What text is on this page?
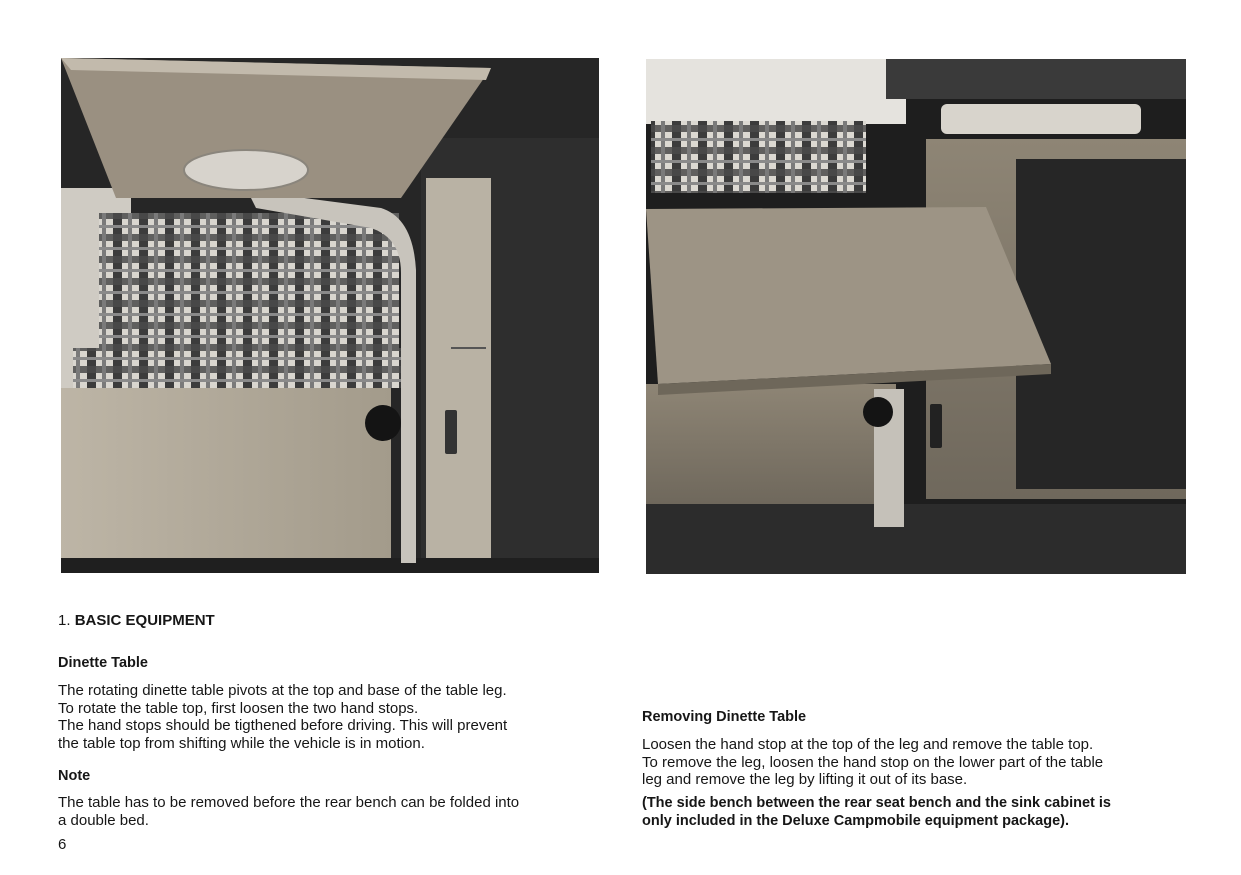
1. BASIC EQUIPMENT
Dinette Table
The rotating dinette table pivots at the top and base of the table leg.
To rotate the table top, first loosen the two hand stops.
The hand stops should be tigthened before driving. This will prevent
the table top from shifting while the vehicle is in motion.
Note
The table has to be removed before the rear bench can be folded into
a double bed.
6
Removing Dinette Table
Loosen the hand stop at the top of the leg and remove the table top.
To remove the leg, loosen the hand stop on the lower part of the table
leg and remove the leg by lifting it out of its base.
(The side bench between the rear seat bench and the sink cabinet is
only included in the Deluxe Campmobile equipment package).
